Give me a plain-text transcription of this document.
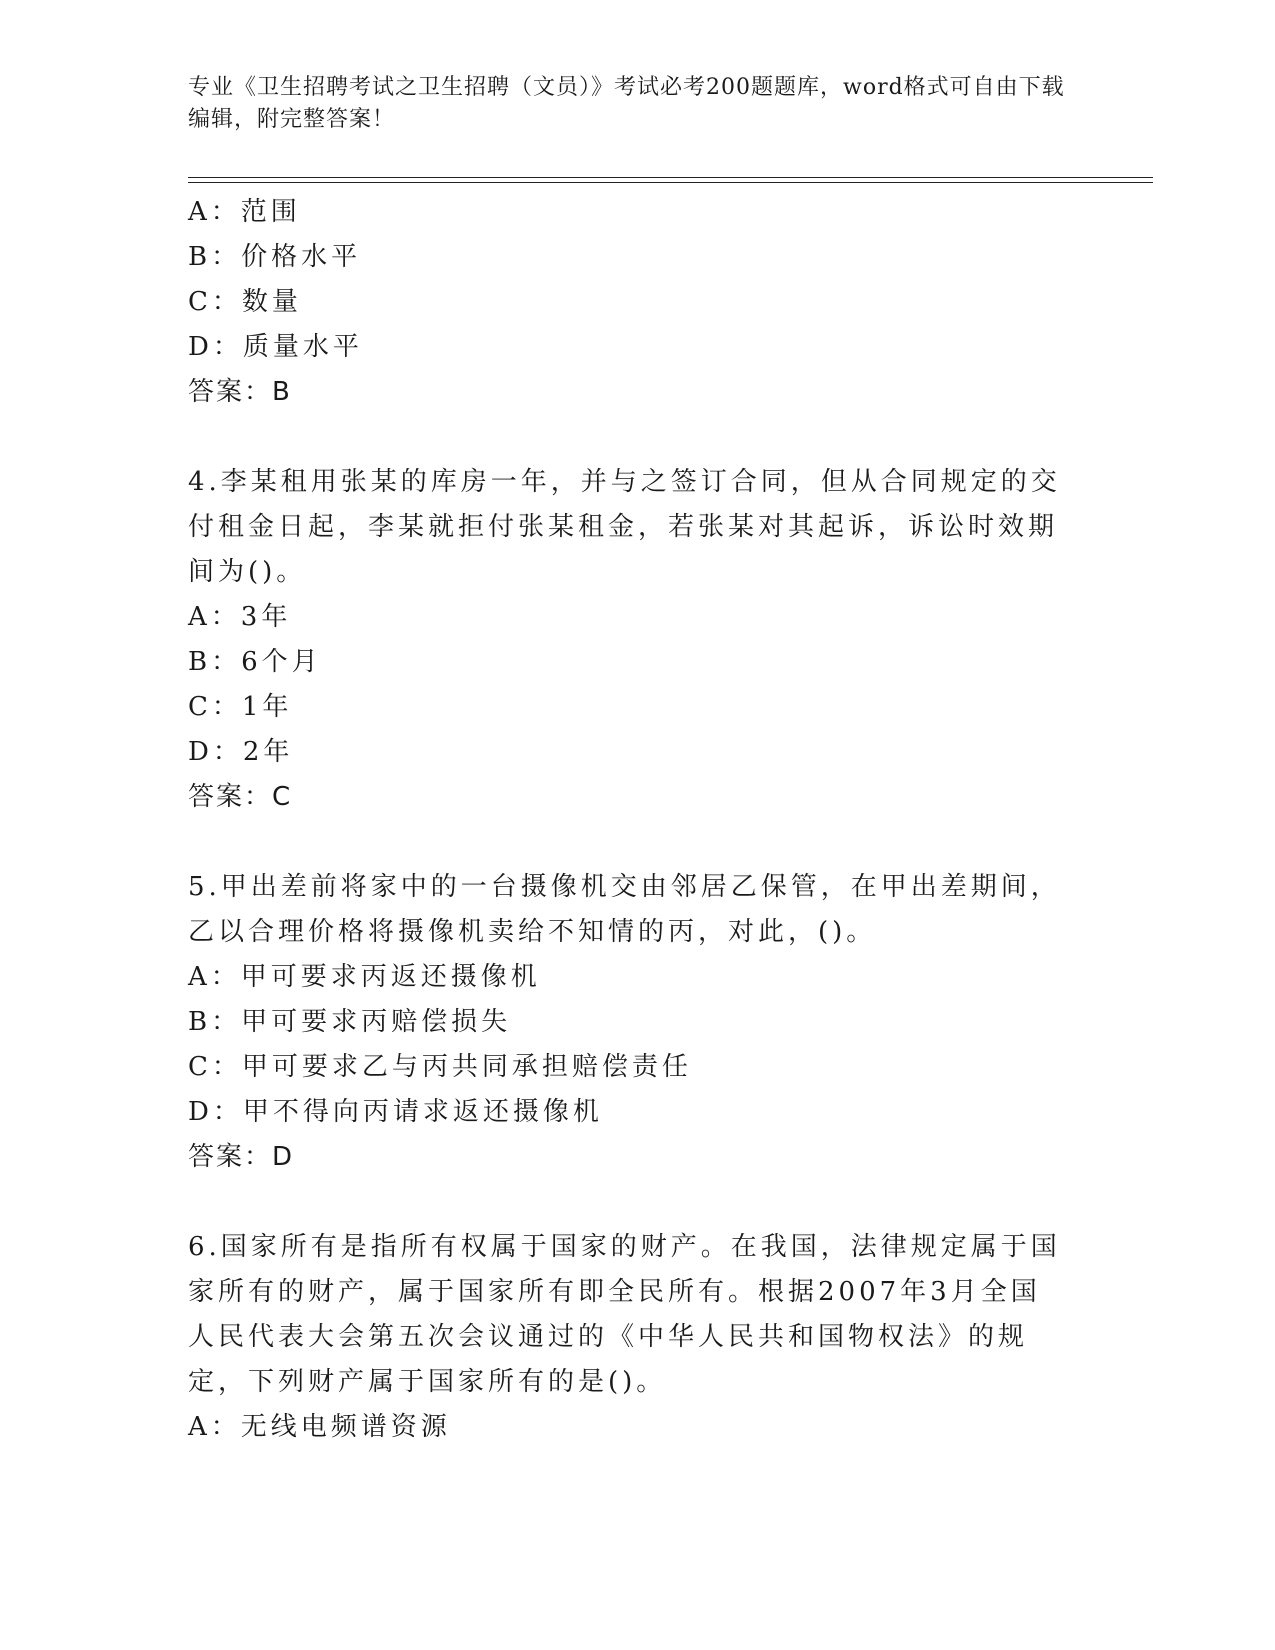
专业《卫生招聘考试之卫生招聘（文员）》考试必考200题题库，word格式可自由下载编辑，附完整答案！
A：范围
B：价格水平
C：数量
D：质量水平
答案：B
4.李某租用张某的库房一年，并与之签订合同，但从合同规定的交付租金日起，李某就拒付张某租金，若张某对其起诉，诉讼时效期间为()。
A：3年
B：6个月
C：1年
D：2年
答案：C
5.甲出差前将家中的一台摄像机交由邻居乙保管，在甲出差期间，乙以合理价格将摄像机卖给不知情的丙，对此，()。
A：甲可要求丙返还摄像机
B：甲可要求丙赔偿损失
C：甲可要求乙与丙共同承担赔偿责任
D：甲不得向丙请求返还摄像机
答案：D
6.国家所有是指所有权属于国家的财产。在我国，法律规定属于国家所有的财产，属于国家所有即全民所有。根据2007年3月全国人民代表大会第五次会议通过的《中华人民共和国物权法》的规定，下列财产属于国家所有的是()。
A：无线电频谱资源
